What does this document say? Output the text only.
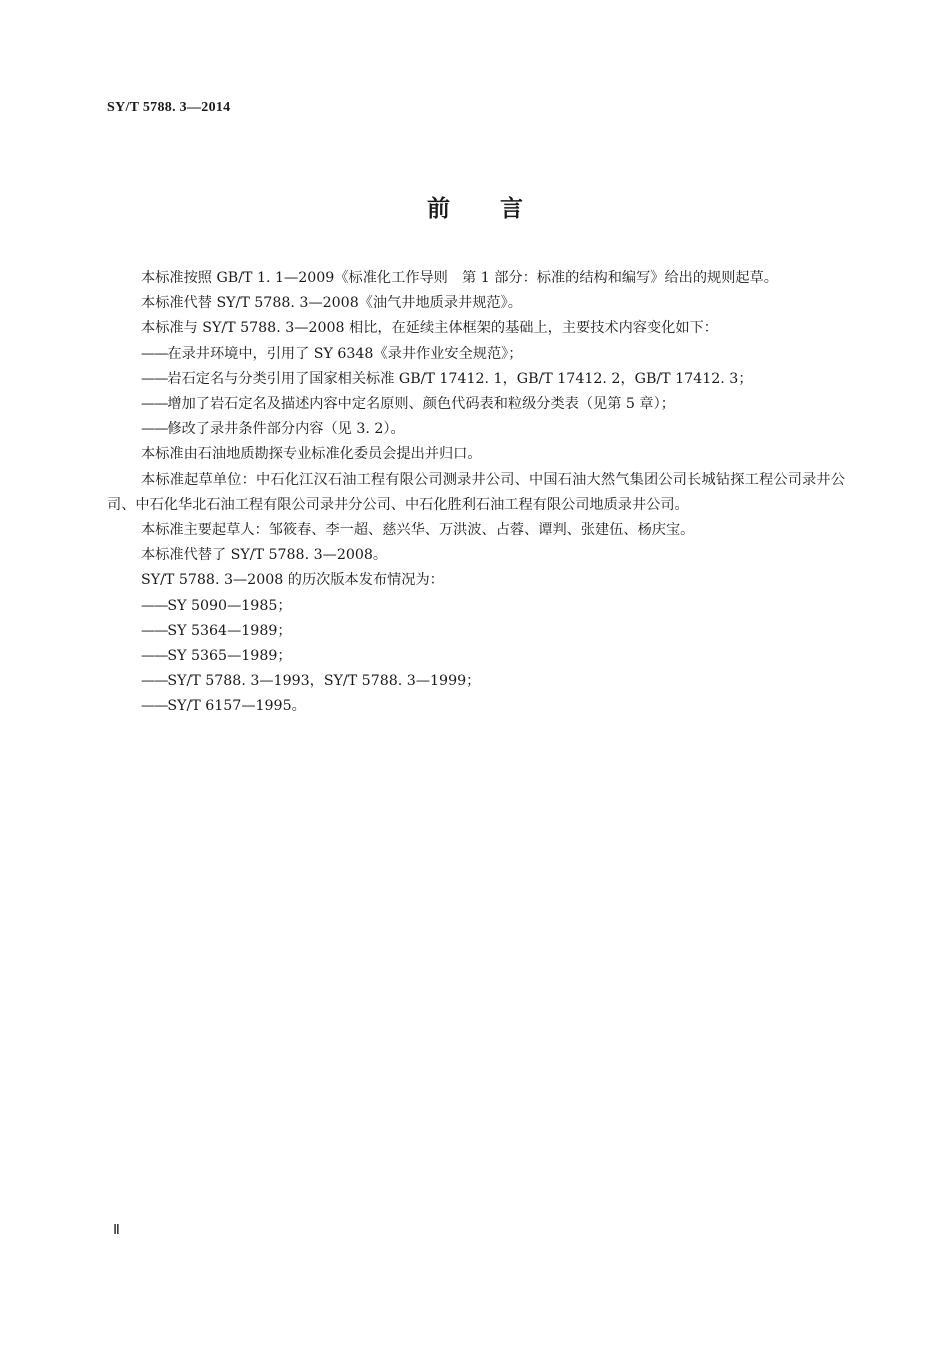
SY/T 5788. 3—2014
前言

本标准按照 GB/T 1. 1—2009《标准化工作导则　第 1 部分：标准的结构和编写》给出的规则起草。

本标准代替 SY/T 5788. 3—2008《油气井地质录井规范》。

本标准与 SY/T 5788. 3—2008 相比，在延续主体框架的基础上，主要技术内容变化如下：

——在录井环境中，引用了 SY 6348《录井作业安全规范》；

——岩石定名与分类引用了国家相关标准 GB/T 17412. 1，GB/T 17412. 2，GB/T 17412. 3；

——增加了岩石定名及描述内容中定名原则、颜色代码表和粒级分类表（见第 5 章）；

——修改了录井条件部分内容（见 3. 2）。

本标准由石油地质勘探专业标准化委员会提出并归口。

本标准起草单位：中石化江汉石油工程有限公司测录井公司、中国石油大然气集团公司长城钻探工程公司录井公司、中石化华北石油工程有限公司录井分公司、中石化胜利石油工程有限公司地质录井公司。

本标准主要起草人：邹筱春、李一超、慈兴华、万洪波、占蓉、谭判、张建伍、杨庆宝。

本标准代替了 SY/T 5788. 3—2008。

SY/T 5788. 3—2008 的历次版本发布情况为：

——SY 5090—1985；

——SY 5364—1989；

——SY 5365—1989；

——SY/T 5788. 3—1993，SY/T 5788. 3—1999；

——SY/T 6157—1995。

Ⅱ
